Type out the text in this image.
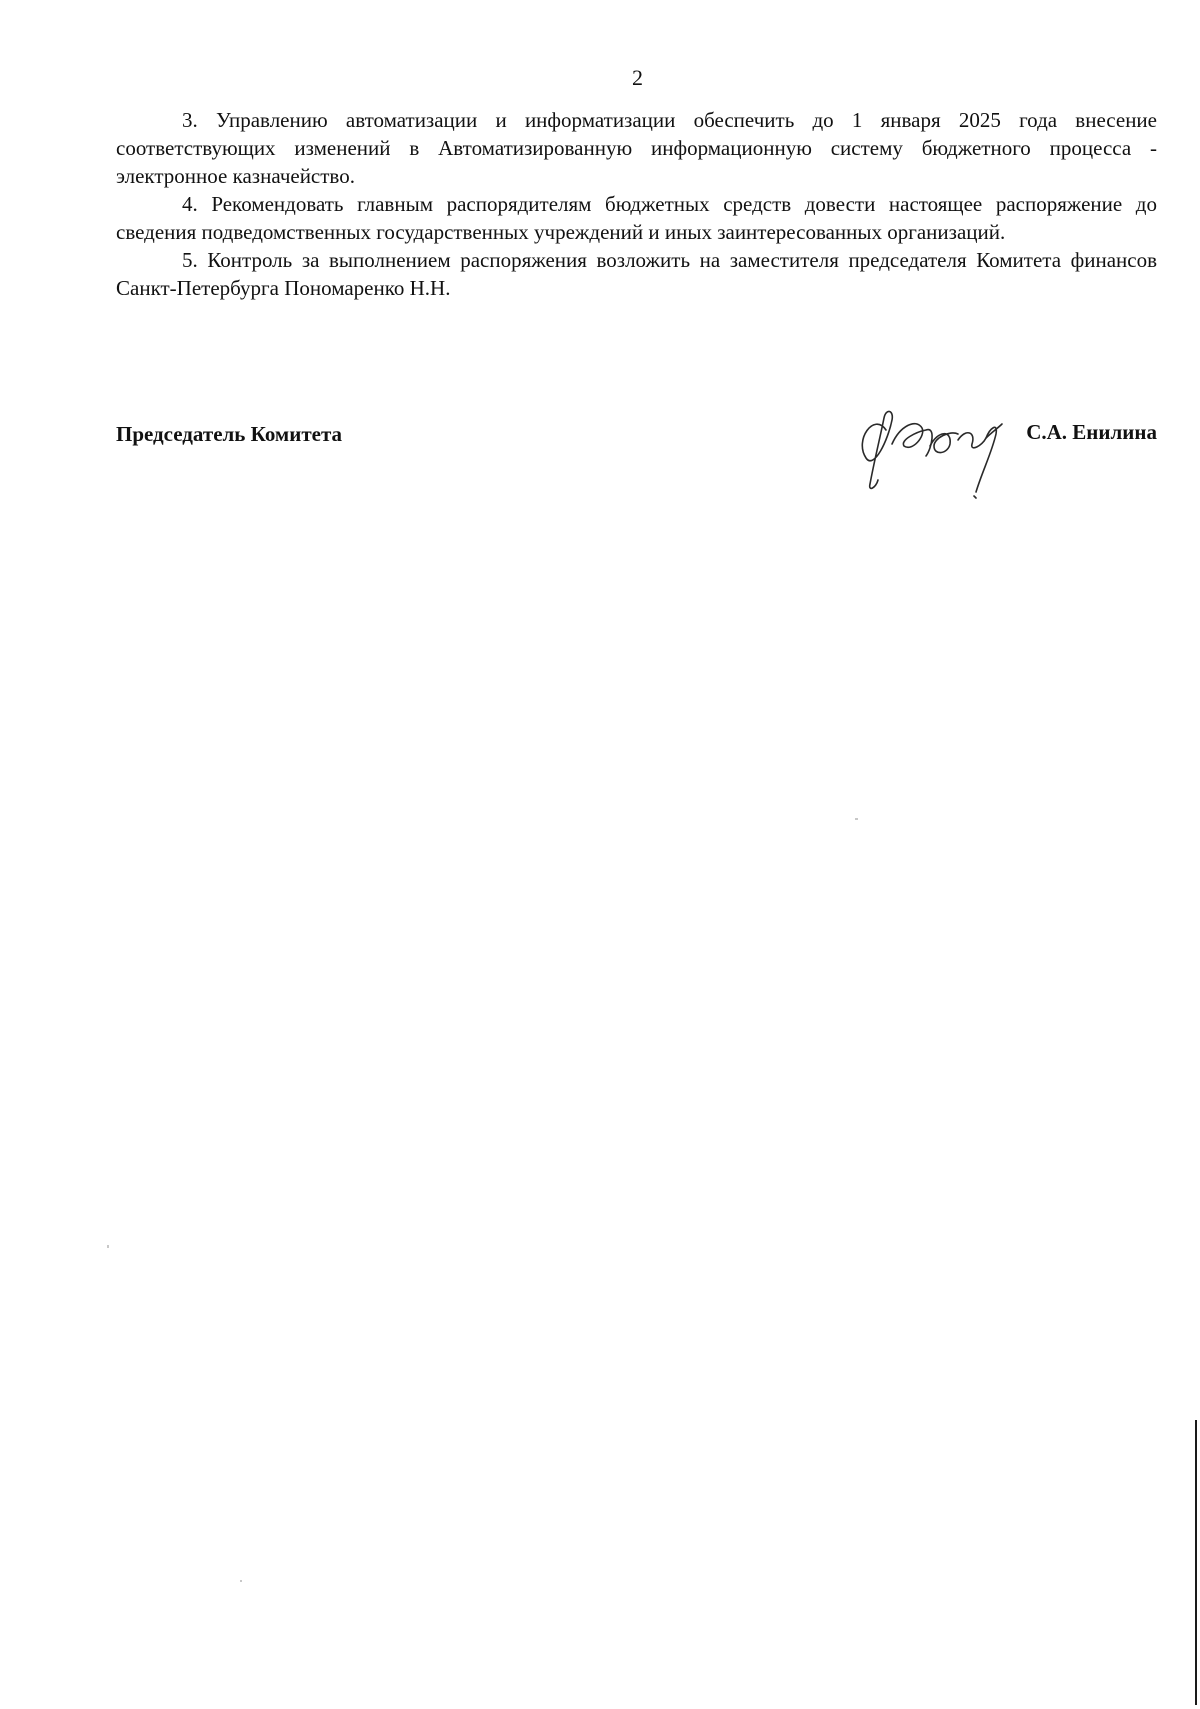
2

3. Управлению автоматизации и информатизации обеспечить до 1 января 2025 года внесение соответствующих изменений в Автоматизированную информационную систему бюджетного процесса - электронное казначейство.

4. Рекомендовать главным распорядителям бюджетных средств довести настоящее распоряжение до сведения подведомственных государственных учреждений и иных заинтересованных организаций.

5. Контроль за выполнением распоряжения возложить на заместителя председателя Комитета финансов Санкт-Петербурга Пономаренко Н.Н.

Председатель Комитета	С.А. Енилина
